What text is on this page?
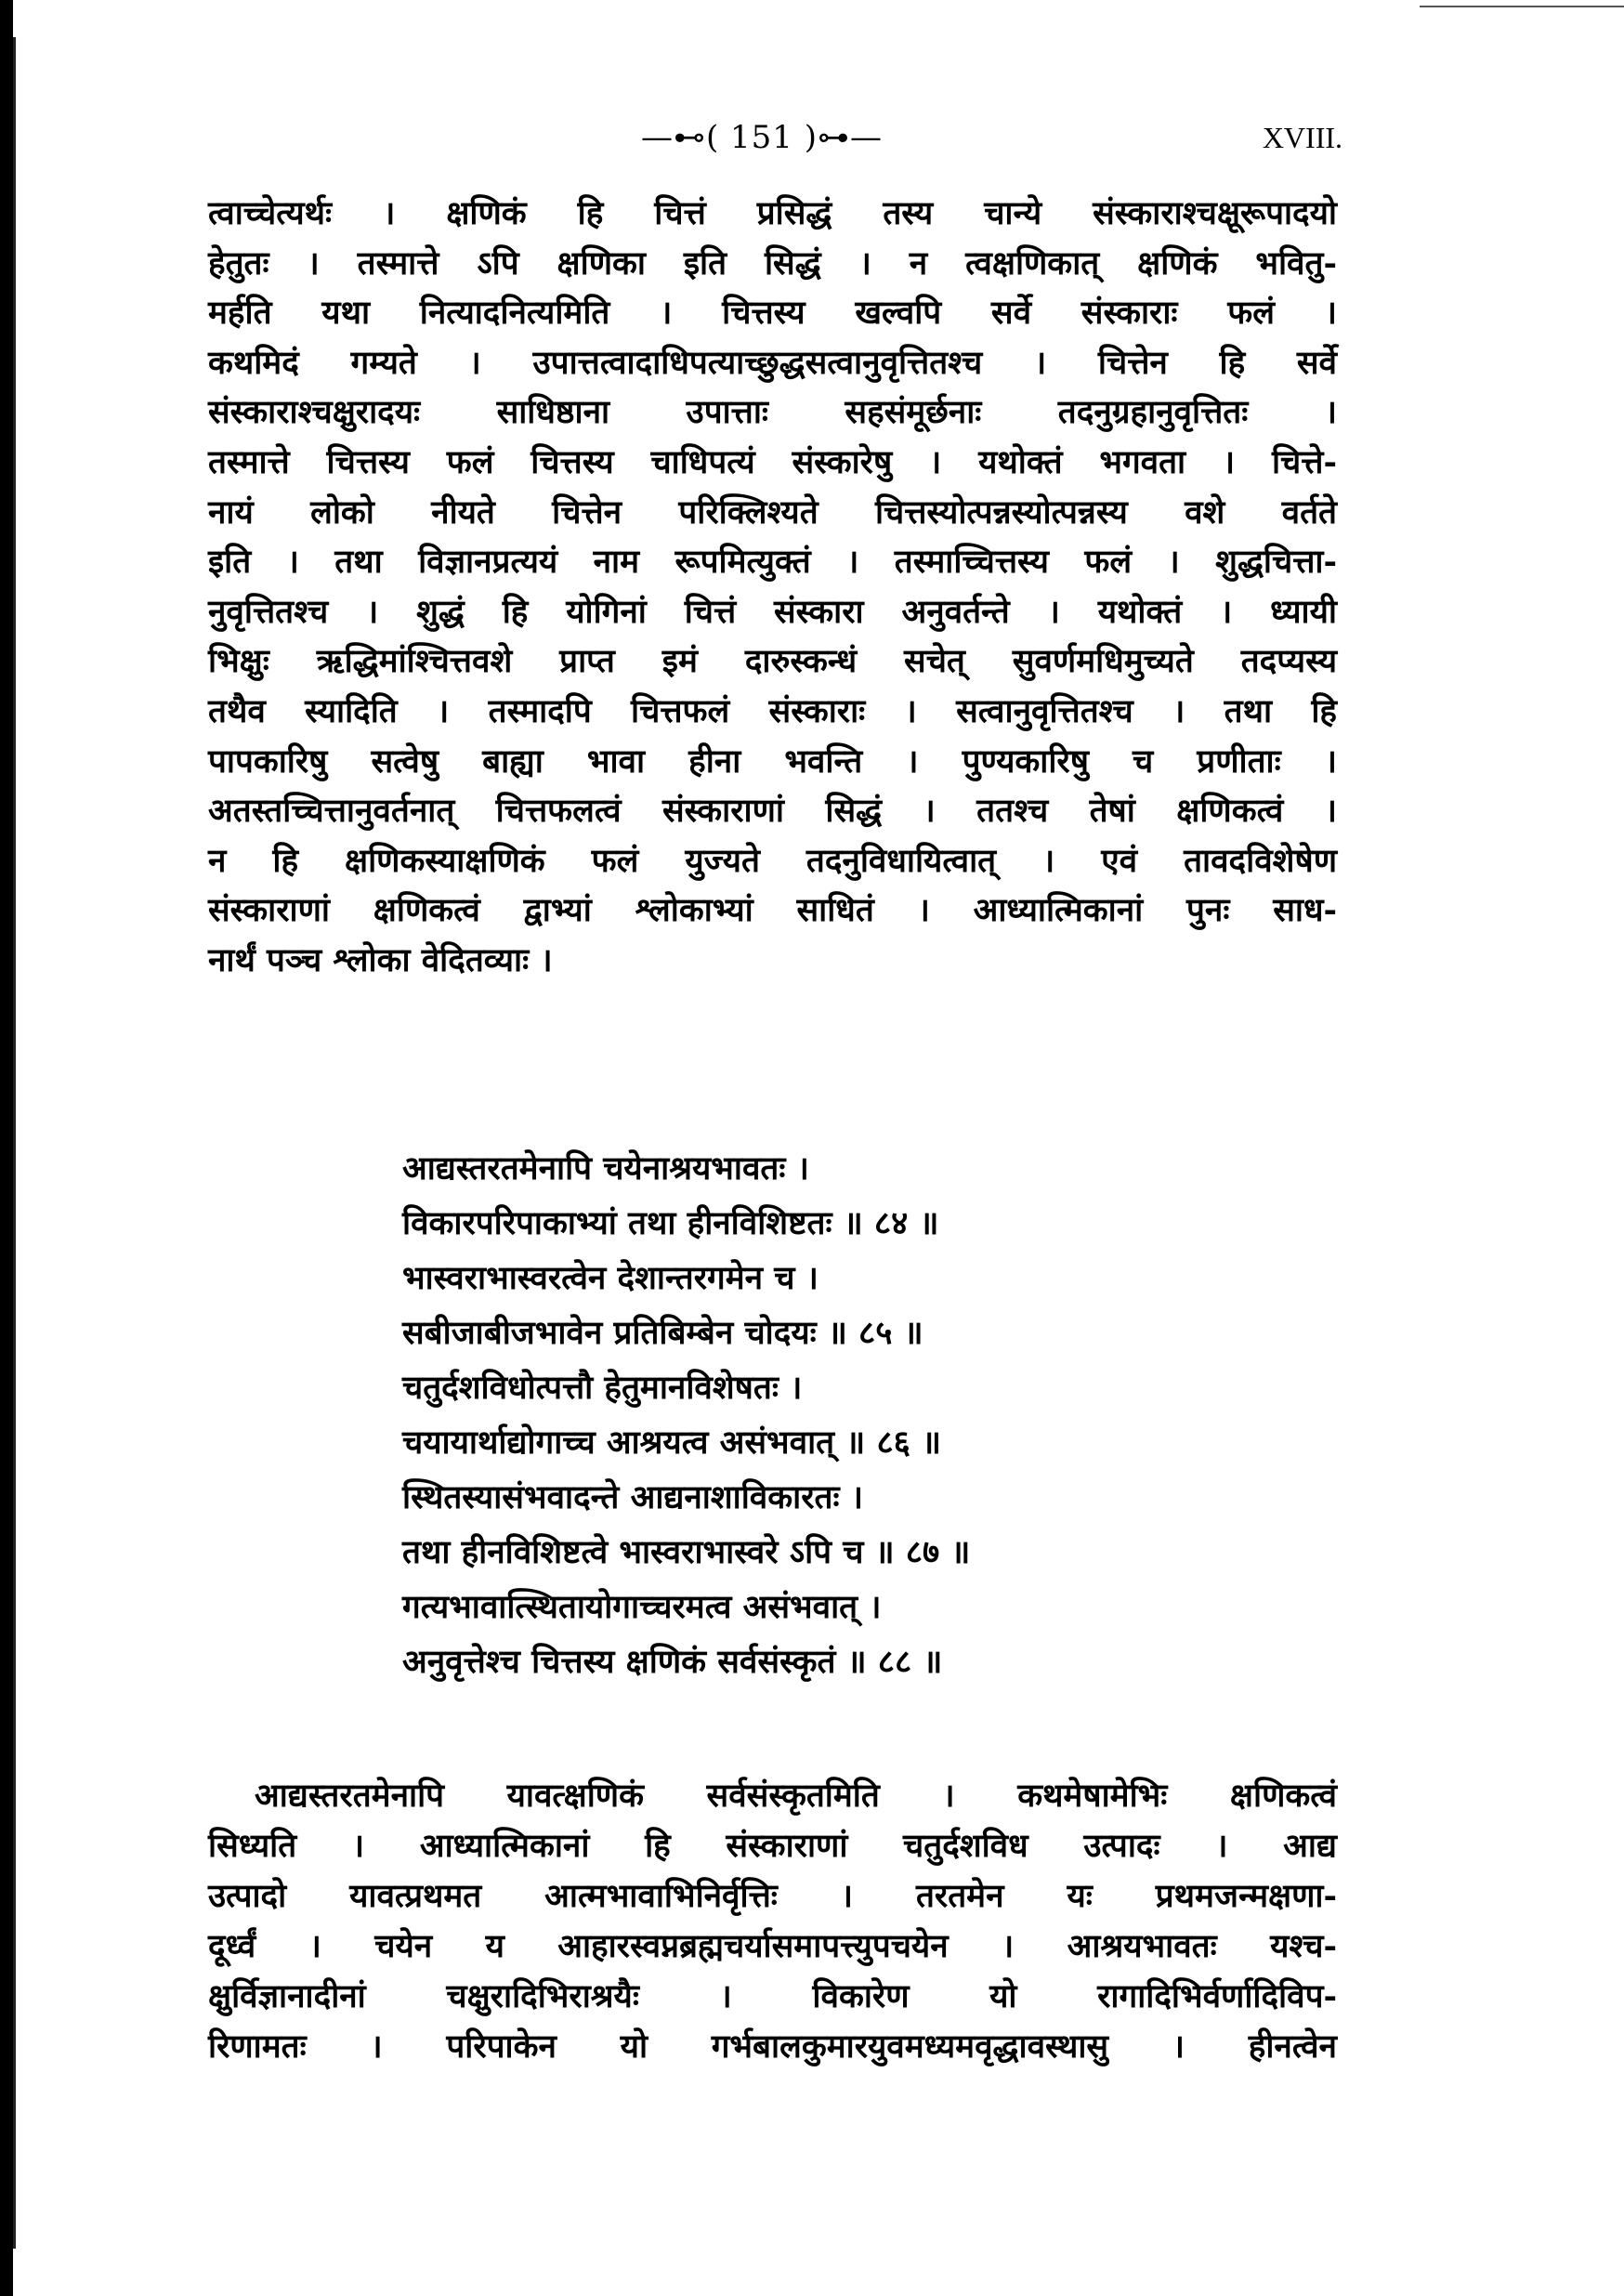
—⊷( 151 )⊶—	XVIII.
त्वाच्चेत्यर्थः । क्षणिकं हि चित्तं प्रसिद्धं तस्य चान्ये संस्काराश्चक्षूरूपादयो
हेतुतः । तस्मात्ते ऽपि क्षणिका इति सिद्धं । न त्वक्षणिकात् क्षणिकं भवितु-
मर्हति यथा नित्यादनित्यमिति । चित्तस्य खल्वपि सर्वे संस्काराः फलं ।
कथमिदं गम्यते । उपात्तत्वादाधिपत्याच्छुद्धसत्वानुवृत्तितश्च । चित्तेन हि सर्वे
संस्काराश्चक्षुरादयः साधिष्ठाना उपात्ताः सहसंमूर्छनाः तदनुग्रहानुवृत्तितः ।
तस्मात्ते चित्तस्य फलं चित्तस्य चाधिपत्यं संस्कारेषु । यथोक्तं भगवता । चित्ते-
नायं लोको नीयते चित्तेन परिक्लिश्यते चित्तस्योत्पन्नस्योत्पन्नस्य वशे वर्तते
इति । तथा विज्ञानप्रत्ययं नाम रूपमित्युक्तं । तस्माच्चित्तस्य फलं । शुद्धचित्ता-
नुवृत्तितश्च । शुद्धं हि योगिनां चित्तं संस्कारा अनुवर्तन्ते । यथोक्तं । ध्यायी
भिक्षुः ऋद्धिमांश्चित्तवशे प्राप्त इमं दारुस्कन्धं सचेत् सुवर्णमधिमुच्यते तदप्यस्य
तथैव स्यादिति । तस्मादपि चित्तफलं संस्काराः । सत्वानुवृत्तितश्च । तथा हि
पापकारिषु सत्वेषु बाह्या भावा हीना भवन्ति । पुण्यकारिषु च प्रणीताः ।
अतस्तच्चित्तानुवर्तनात् चित्तफलत्वं संस्काराणां सिद्धं । ततश्च तेषां क्षणिकत्वं ।
न हि क्षणिकस्याक्षणिकं फलं युज्यते तदनुविधायित्वात् । एवं तावदविशेषेण
संस्काराणां क्षणिकत्वं द्वाभ्यां श्लोकाभ्यां साधितं । आध्यात्मिकानां पुनः साध-
नार्थं पञ्च श्लोका वेदितव्याः ।
आद्यस्तरतमेनापि चयेनाश्रयभावतः ।
विकारपरिपाकाभ्यां तथा हीनविशिष्टतः ॥ ८४ ॥
भास्वराभास्वरत्वेन देशान्तरगमेन च ।
सबीजाबीजभावेन प्रतिबिम्बेन चोदयः ॥ ८५ ॥
चतुर्दशविधोत्पत्तौ हेतुमानविशेषतः ।
चयायार्थाद्योगाच्च आश्रयत्व असंभवात् ॥ ८६ ॥
स्थितस्यासंभवादन्ते आद्यनाशाविकारतः ।
तथा हीनविशिष्टत्वे भास्वराभास्वरे ऽपि च ॥ ८७ ॥
गत्यभावात्स्थितायोगाच्चरमत्व असंभवात् ।
अनुवृत्तेश्च चित्तस्य क्षणिकं सर्वसंस्कृतं ॥ ८८ ॥
आद्यस्तरतमेनापि यावत्क्षणिकं सर्वसंस्कृतमिति । कथमेषामेभिः क्षणिकत्वं
सिध्यति । आध्यात्मिकानां हि संस्काराणां चतुर्दशविध उत्पादः । आद्य
उत्पादो यावत्प्रथमत आत्मभावाभिनिर्वृत्तिः । तरतमेन यः प्रथमजन्मक्षणा-
दूर्ध्वं । चयेन य आहारस्वप्नब्रह्मचर्यासमापत्त्युपचयेन । आश्रयभावतः यश्च-
क्षुर्विज्ञानादीनां चक्षुरादिभिराश्रयैः । विकारेण यो रागादिभिर्वर्णादिविप-
रिणामतः । परिपाकेन यो गर्भबालकुमारयुवमध्यमवृद्धावस्थासु । हीनत्वेन
